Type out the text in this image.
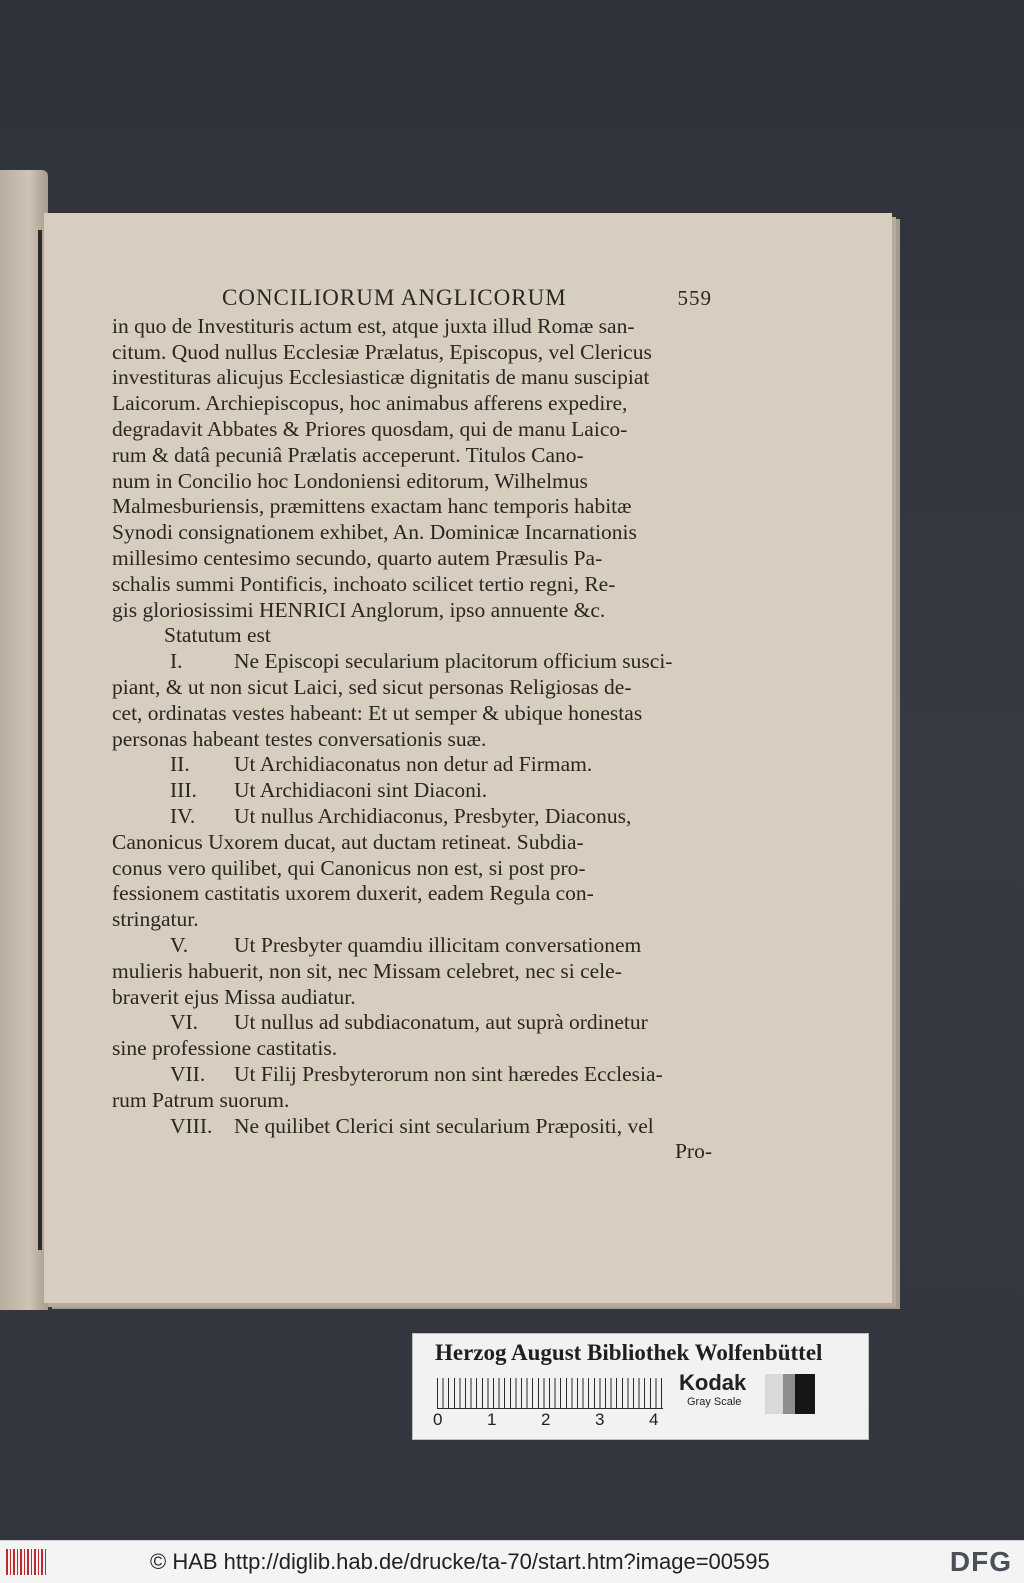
CONCILIORUM ANGLICORUM	559
in quo de Investituris actum est, atque juxta illud Romæ san-
citum. Quod nullus Ecclesiæ Prælatus, Episcopus, vel Clericus
investituras alicujus Ecclesiasticæ dignitatis de manu suscipiat
Laicorum. Archiepiscopus, hoc animabus afferens expedire,
degradavit Abbates & Priores quosdam, qui de manu Laico-
rum & datâ pecuniâ Prælatis acceperunt. Titulos Cano-
num in Concilio hoc Londoniensi editorum, Wilhelmus
Malmesburiensis, præmittens exactam hanc temporis habitæ
Synodi consignationem exhibet, An. Dominicæ Incarnationis
millesimo centesimo secundo, quarto autem Præsulis Pa-
schalis summi Pontificis, inchoato scilicet tertio regni, Re-
gis gloriosissimi HENRICI Anglorum, ipso annuente &c.
Statutum est
I. Ne Episcopi secularium placitorum officium susci-
piant, & ut non sicut Laici, sed sicut personas Religiosas de-
cet, ordinatas vestes habeant: Et ut semper & ubique honestas
personas habeant testes conversationis suæ.
II. Ut Archidiaconatus non detur ad Firmam.
III. Ut Archidiaconi sint Diaconi.
IV. Ut nullus Archidiaconus, Presbyter, Diaconus,
Canonicus Uxorem ducat, aut ductam retineat. Subdia-
conus vero quilibet, qui Canonicus non est, si post pro-
fessionem castitatis uxorem duxerit, eadem Regula con-
stringatur.
V. Ut Presbyter quamdiu illicitam conversationem
mulieris habuerit, non sit, nec Missam celebret, nec si cele-
braverit ejus Missa audiatur.
VI. Ut nullus ad subdiaconatum, aut suprà ordinetur
sine professione castitatis.
VII. Ut Filij Presbyterorum non sint hæredes Ecclesia-
rum Patrum suorum.
VIII. Ne quilibet Clerici sint secularium Præpositi, vel
Pro-
Herzog August Bibliothek Wolfenbüttel
0	1	2	3	4
Kodak
Gray Scale
© HAB http://diglib.hab.de/drucke/ta-70/start.htm?image=00595	DFG
